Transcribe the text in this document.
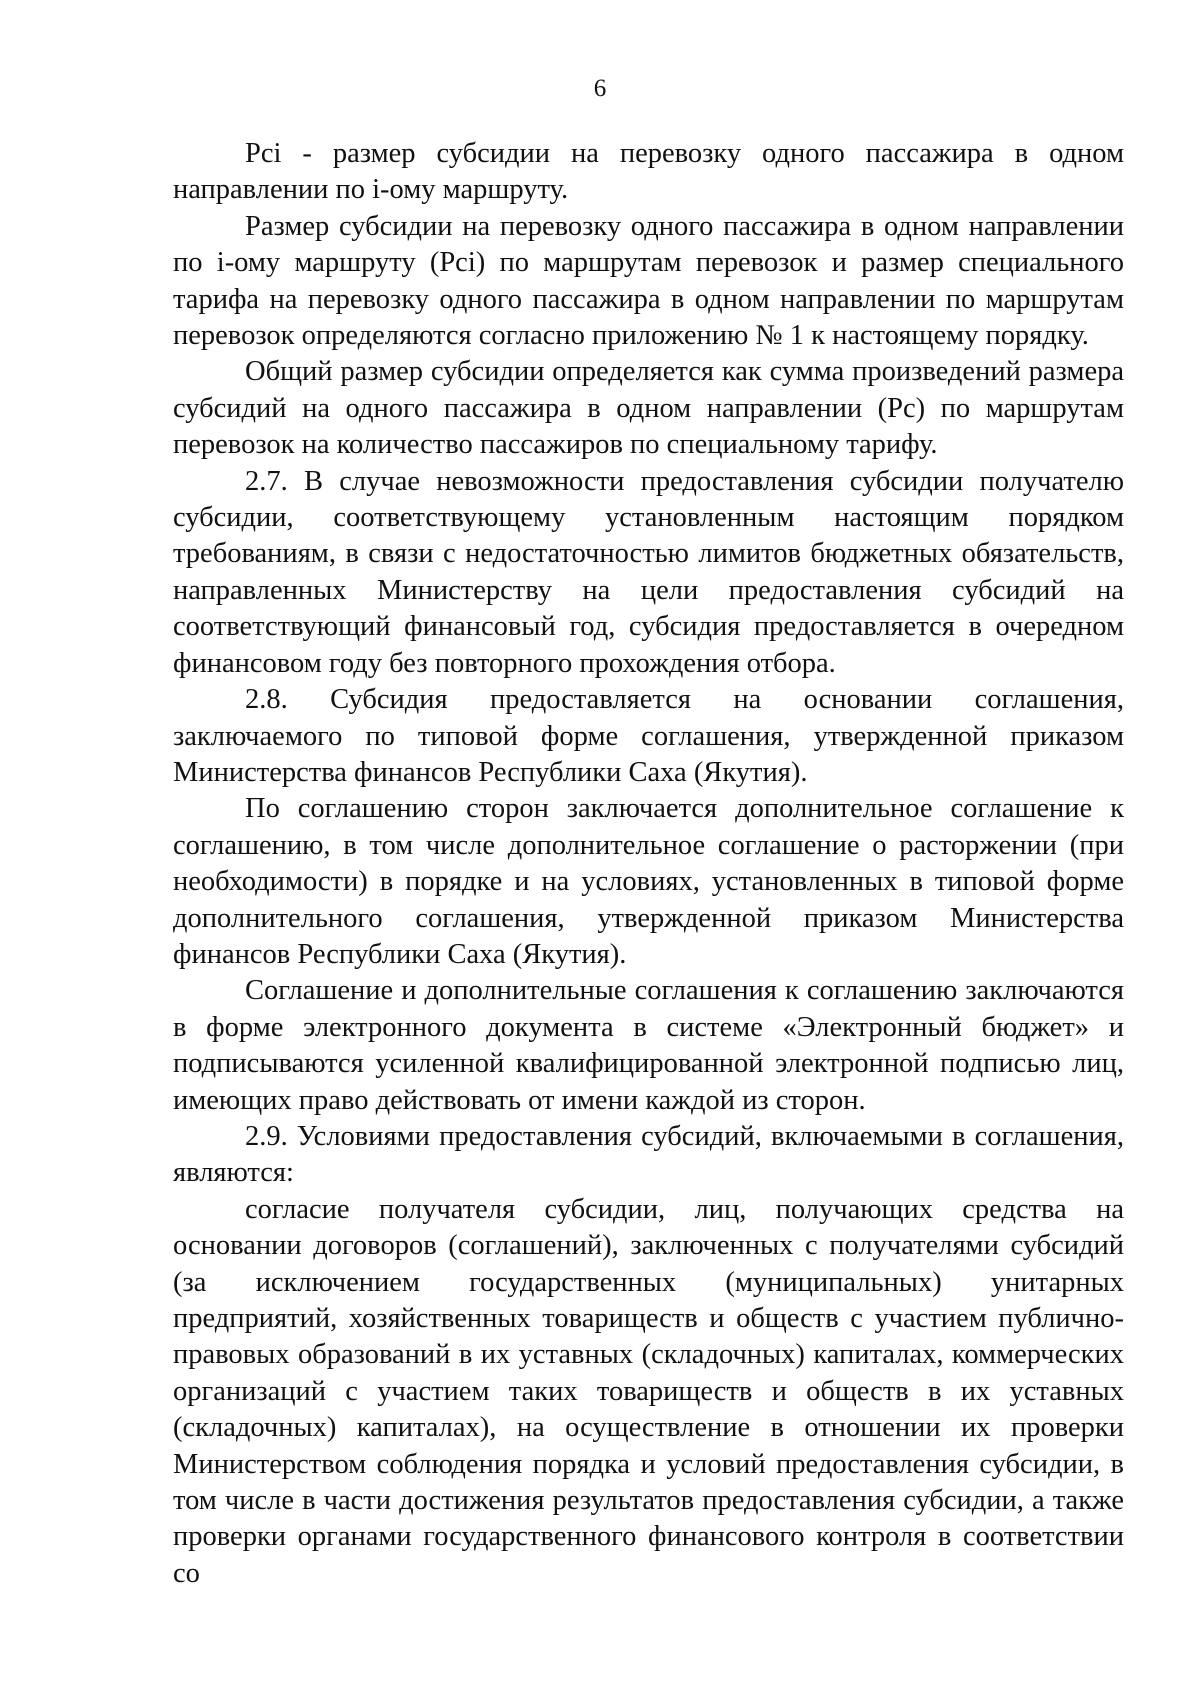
6

Pci - размер субсидии на перевозку одного пассажира в одном направлении по i-ому маршруту.

Размер субсидии на перевозку одного пассажира в одном направлении по i-ому маршруту (Pci) по маршрутам перевозок и размер специального тарифа на перевозку одного пассажира в одном направлении по маршрутам перевозок определяются согласно приложению № 1 к настоящему порядку.

Общий размер субсидии определяется как сумма произведений размера субсидий на одного пассажира в одном направлении (Pc) по маршрутам перевозок на количество пассажиров по специальному тарифу.

2.7. В случае невозможности предоставления субсидии получателю субсидии, соответствующему установленным настоящим порядком требованиям, в связи с недостаточностью лимитов бюджетных обязательств, направленных Министерству на цели предоставления субсидий на соответствующий финансовый год, субсидия предоставляется в очередном финансовом году без повторного прохождения отбора.

2.8. Субсидия предоставляется на основании соглашения, заключаемого по типовой форме соглашения, утвержденной приказом Министерства финансов Республики Саха (Якутия).

По соглашению сторон заключается дополнительное соглашение к соглашению, в том числе дополнительное соглашение о расторжении (при необходимости) в порядке и на условиях, установленных в типовой форме дополнительного соглашения, утвержденной приказом Министерства финансов Республики Саха (Якутия).

Соглашение и дополнительные соглашения к соглашению заключаются в форме электронного документа в системе «Электронный бюджет» и подписываются усиленной квалифицированной электронной подписью лиц, имеющих право действовать от имени каждой из сторон.

2.9. Условиями предоставления субсидий, включаемыми в соглашения, являются:

согласие получателя субсидии, лиц, получающих средства на основании договоров (соглашений), заключенных с получателями субсидий (за исключением государственных (муниципальных) унитарных предприятий, хозяйственных товариществ и обществ с участием публично-правовых образований в их уставных (складочных) капиталах, коммерческих организаций с участием таких товариществ и обществ в их уставных (складочных) капиталах), на осуществление в отношении их проверки Министерством соблюдения порядка и условий предоставления субсидии, в том числе в части достижения результатов предоставления субсидии, а также проверки органами государственного финансового контроля в соответствии со
